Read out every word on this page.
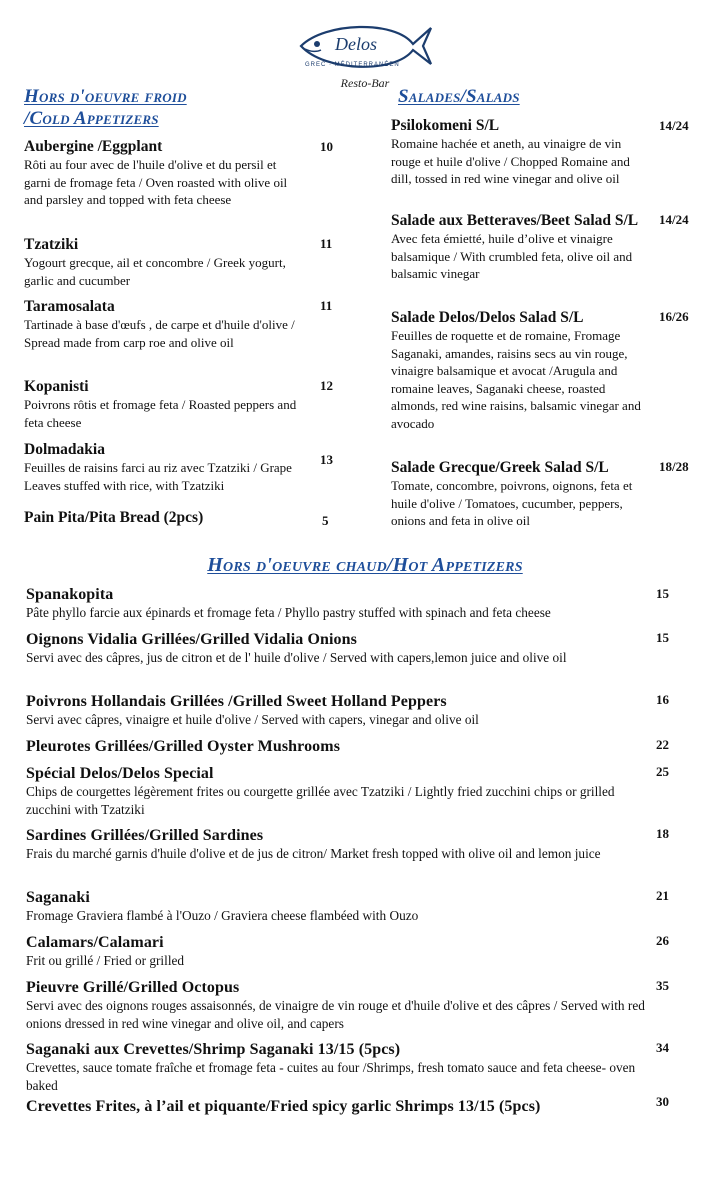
Delos
GREC · MÉDITERRANÉEN
Resto-Bar
Hors d'oeuvre froid
/Cold Appetizers
Salades/Salads
Hors d'oeuvre chaud/Hot Appetizers
Aubergine /Eggplant
Rôti au four avec de l'huile d'olive et du persil et garni de fromage feta / Oven roasted with olive oil and parsley and topped with feta cheese
10
Tzatziki
Yogourt grecque, ail et concombre / Greek yogurt, garlic and cucumber
11
Taramosalata
Tartinade à base d'œufs , de carpe et d'huile d'olive / Spread made from carp roe and olive oil
11
Kopanisti
Poivrons rôtis et fromage feta / Roasted peppers and feta cheese
12
Dolmadakia
Feuilles de raisins farci au riz avec Tzatziki / Grape Leaves stuffed with rice, with Tzatziki
13
Pain Pita/Pita Bread (2pcs)	5
Psilokomeni S/L
Romaine hachée et aneth, au vinaigre de vin rouge et huile d'olive / Chopped Romaine and dill, tossed in red wine vinegar and olive oil
14/24
Salade aux Betteraves/Beet Salad S/L
Avec feta émietté, huile d’olive et vinaigre balsamique / With crumbled feta, olive oil and balsamic vinegar
14/24
Salade Delos/Delos Salad S/L
Feuilles de roquette et de romaine, Fromage Saganaki, amandes, raisins secs au vin rouge, vinaigre balsamique et avocat /Arugula and romaine leaves, Saganaki cheese, roasted almonds, red wine raisins, balsamic vinegar and avocado
16/26
Salade Grecque/Greek Salad S/L
Tomate, concombre, poivrons, oignons, feta et huile d'olive / Tomatoes, cucumber, peppers, onions and feta in olive oil
18/28
Spanakopita
Pâte phyllo farcie aux épinards et fromage feta / Phyllo pastry stuffed with spinach and feta cheese
15
Oignons Vidalia Grillées/Grilled Vidalia Onions
Servi avec des câpres, jus de citron et de l' huile d'olive / Served with capers,lemon juice and olive oil
15
Poivrons Hollandais Grillées /Grilled Sweet Holland Peppers
Servi avec câpres, vinaigre et huile d'olive / Served with capers, vinegar and olive oil
16
Pleurotes Grillées/Grilled Oyster Mushrooms	22
Spécial Delos/Delos Special
Chips de courgettes légèrement frites ou courgette grillée avec Tzatziki / Lightly fried zucchini chips or grilled zucchini with Tzatziki
25
Sardines Grillées/Grilled Sardines
Frais du marché garnis d'huile d'olive et de jus de citron/ Market fresh topped with olive oil and lemon juice
18
Saganaki
Fromage Graviera flambé à l'Ouzo / Graviera cheese flambéed with Ouzo
21
Calamars/Calamari
Frit ou grillé / Fried or grilled
26
Pieuvre Grillé/Grilled Octopus
Servi avec des oignons rouges assaisonnés, de vinaigre de vin rouge et d'huile d'olive et des câpres / Served with red onions dressed in red wine vinegar and olive oil, and capers
35
Saganaki aux Crevettes/Shrimp Saganaki 13/15 (5pcs)
Crevettes, sauce tomate fraîche et fromage feta - cuites au four /Shrimps, fresh tomato sauce and feta cheese- oven baked
34
Crevettes Frites, à l’ail et piquante/Fried spicy garlic Shrimps 13/15 (5pcs)	30
